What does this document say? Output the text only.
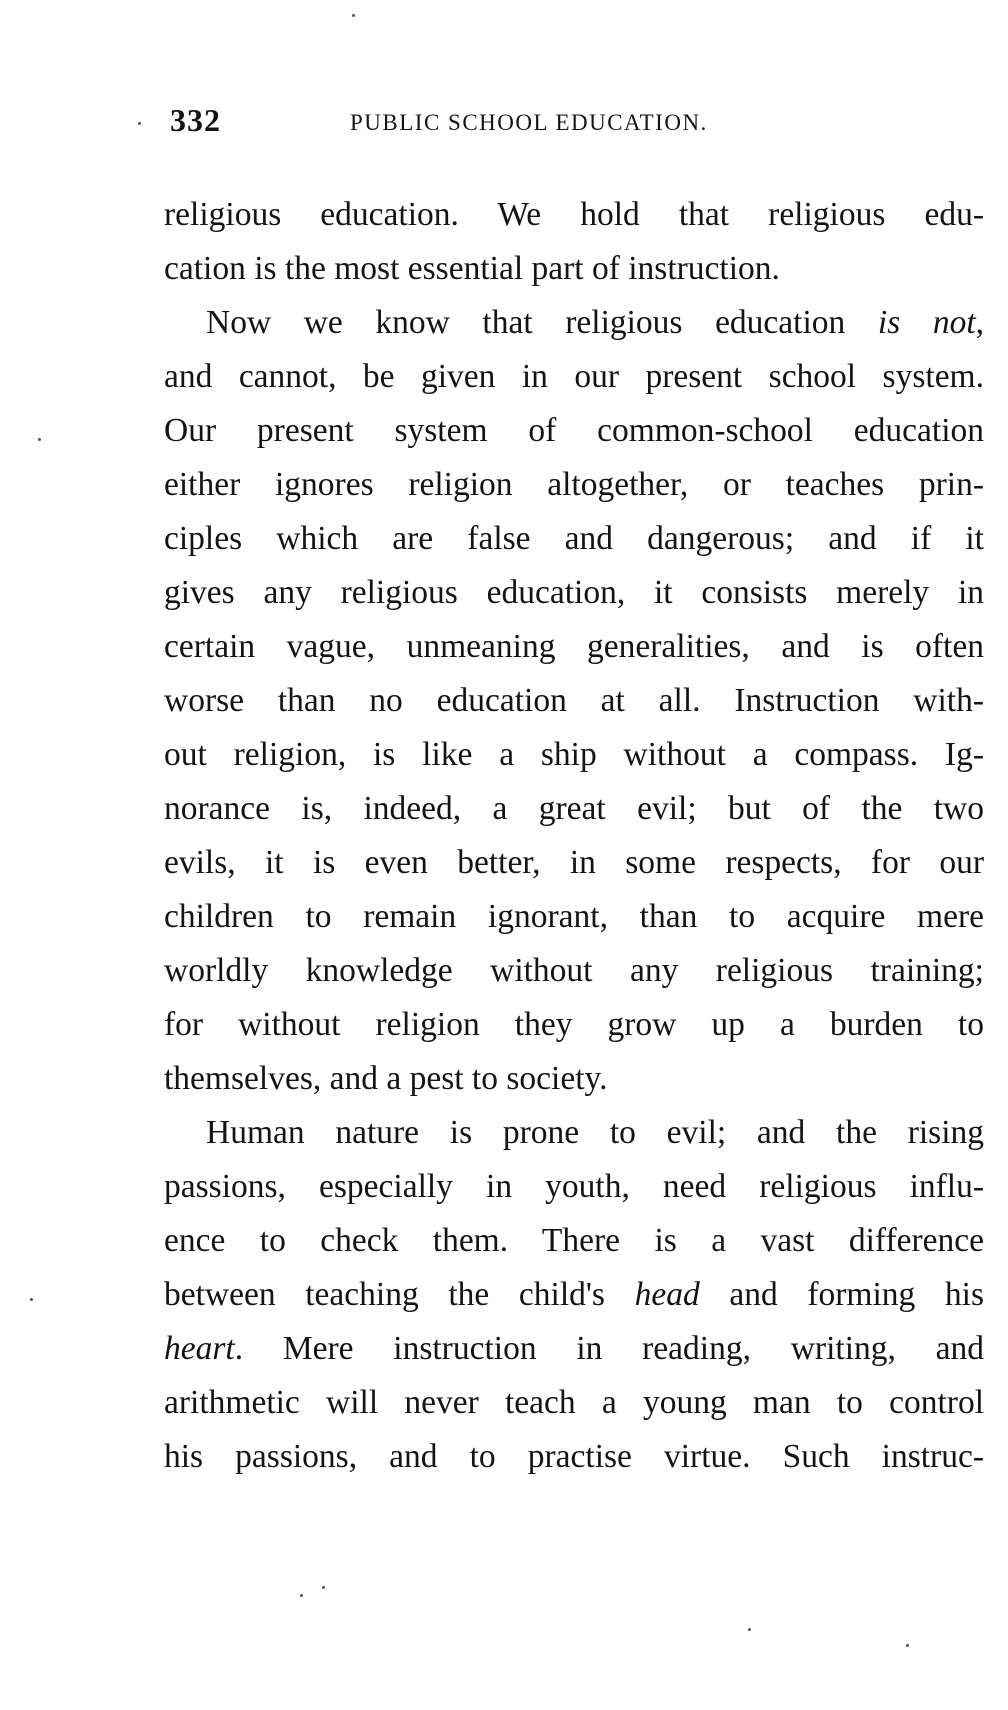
332	PUBLIC SCHOOL EDUCATION.
religious education. We hold that religious edu-
cation is the most essential part of instruction.
Now we know that religious education is not,
and cannot, be given in our present school system.
Our present system of common-school education
either ignores religion altogether, or teaches prin-
ciples which are false and dangerous; and if it
gives any religious education, it consists merely in
certain vague, unmeaning generalities, and is often
worse than no education at all. Instruction with-
out religion, is like a ship without a compass. Ig-
norance is, indeed, a great evil; but of the two
evils, it is even better, in some respects, for our
children to remain ignorant, than to acquire mere
worldly knowledge without any religious training;
for without religion they grow up a burden to
themselves, and a pest to society.
Human nature is prone to evil; and the rising
passions, especially in youth, need religious influ-
ence to check them. There is a vast difference
between teaching the child's head and forming his
heart. Mere instruction in reading, writing, and
arithmetic will never teach a young man to control
his passions, and to practise virtue. Such instruc-
